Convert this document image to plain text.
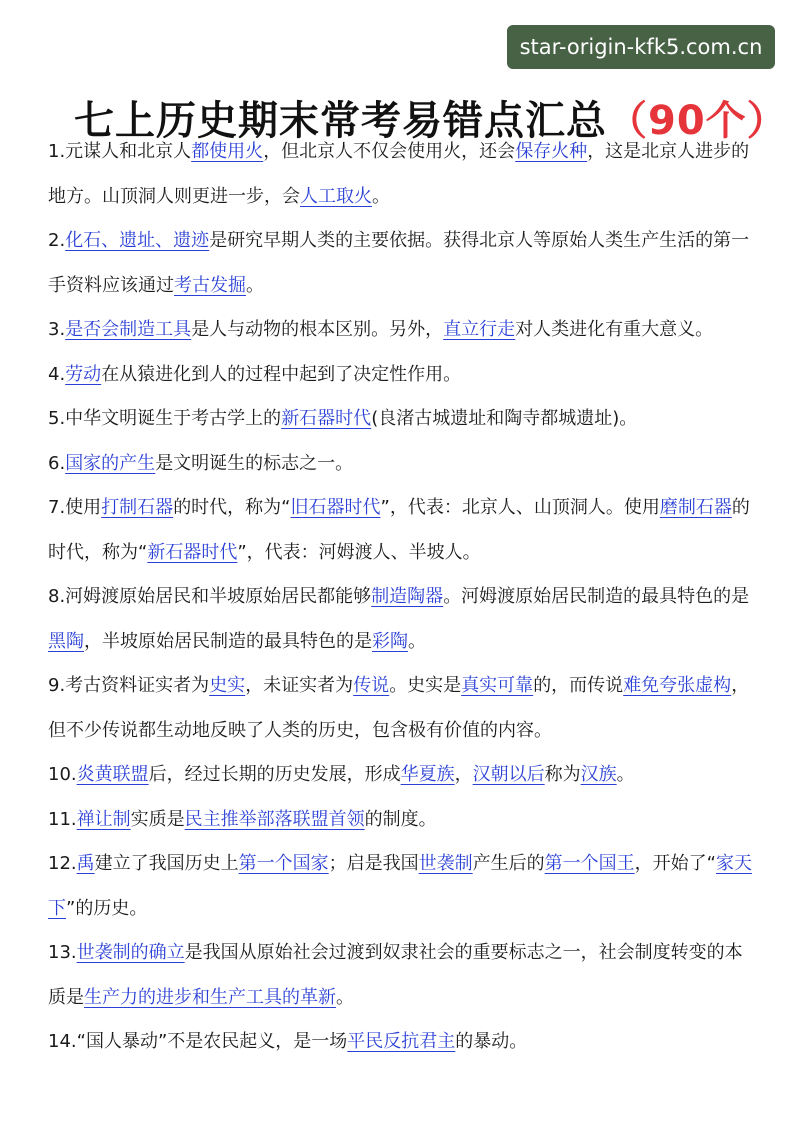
star-origin-kfk5.com.cn
七上历史期末常考易错点汇总（90个）

1.元谋人和北京人都使用火，但北京人不仅会使用火，还会保存火种，这是北京人进步的地方。山顶洞人则更进一步，会人工取火。

2.化石、遗址、遗迹是研究早期人类的主要依据。获得北京人等原始人类生产生活的第一手资料应该通过考古发掘。

3.是否会制造工具是人与动物的根本区别。另外，直立行走对人类进化有重大意义。

4.劳动在从猿进化到人的过程中起到了决定性作用。

5.中华文明诞生于考古学上的新石器时代(良渚古城遗址和陶寺都城遗址)。

6.国家的产生是文明诞生的标志之一。

7.使用打制石器的时代，称为“旧石器时代”，代表：北京人、山顶洞人。使用磨制石器的时代，称为“新石器时代”，代表：河姆渡人、半坡人。

8.河姆渡原始居民和半坡原始居民都能够制造陶器。河姆渡原始居民制造的最具特色的是黑陶，半坡原始居民制造的最具特色的是彩陶。

9.考古资料证实者为史实，未证实者为传说。史实是真实可靠的，而传说难免夸张虚构，但不少传说都生动地反映了人类的历史，包含极有价值的内容。

10.炎黄联盟后，经过长期的历史发展，形成华夏族，汉朝以后称为汉族。

11.禅让制实质是民主推举部落联盟首领的制度。

12.禹建立了我国历史上第一个国家；启是我国世袭制产生后的第一个国王，开始了“家天下”的历史。

13.世袭制的确立是我国从原始社会过渡到奴隶社会的重要标志之一，社会制度转变的本质是生产力的进步和生产工具的革新。

14.“国人暴动”不是农民起义，是一场平民反抗君主的暴动。
